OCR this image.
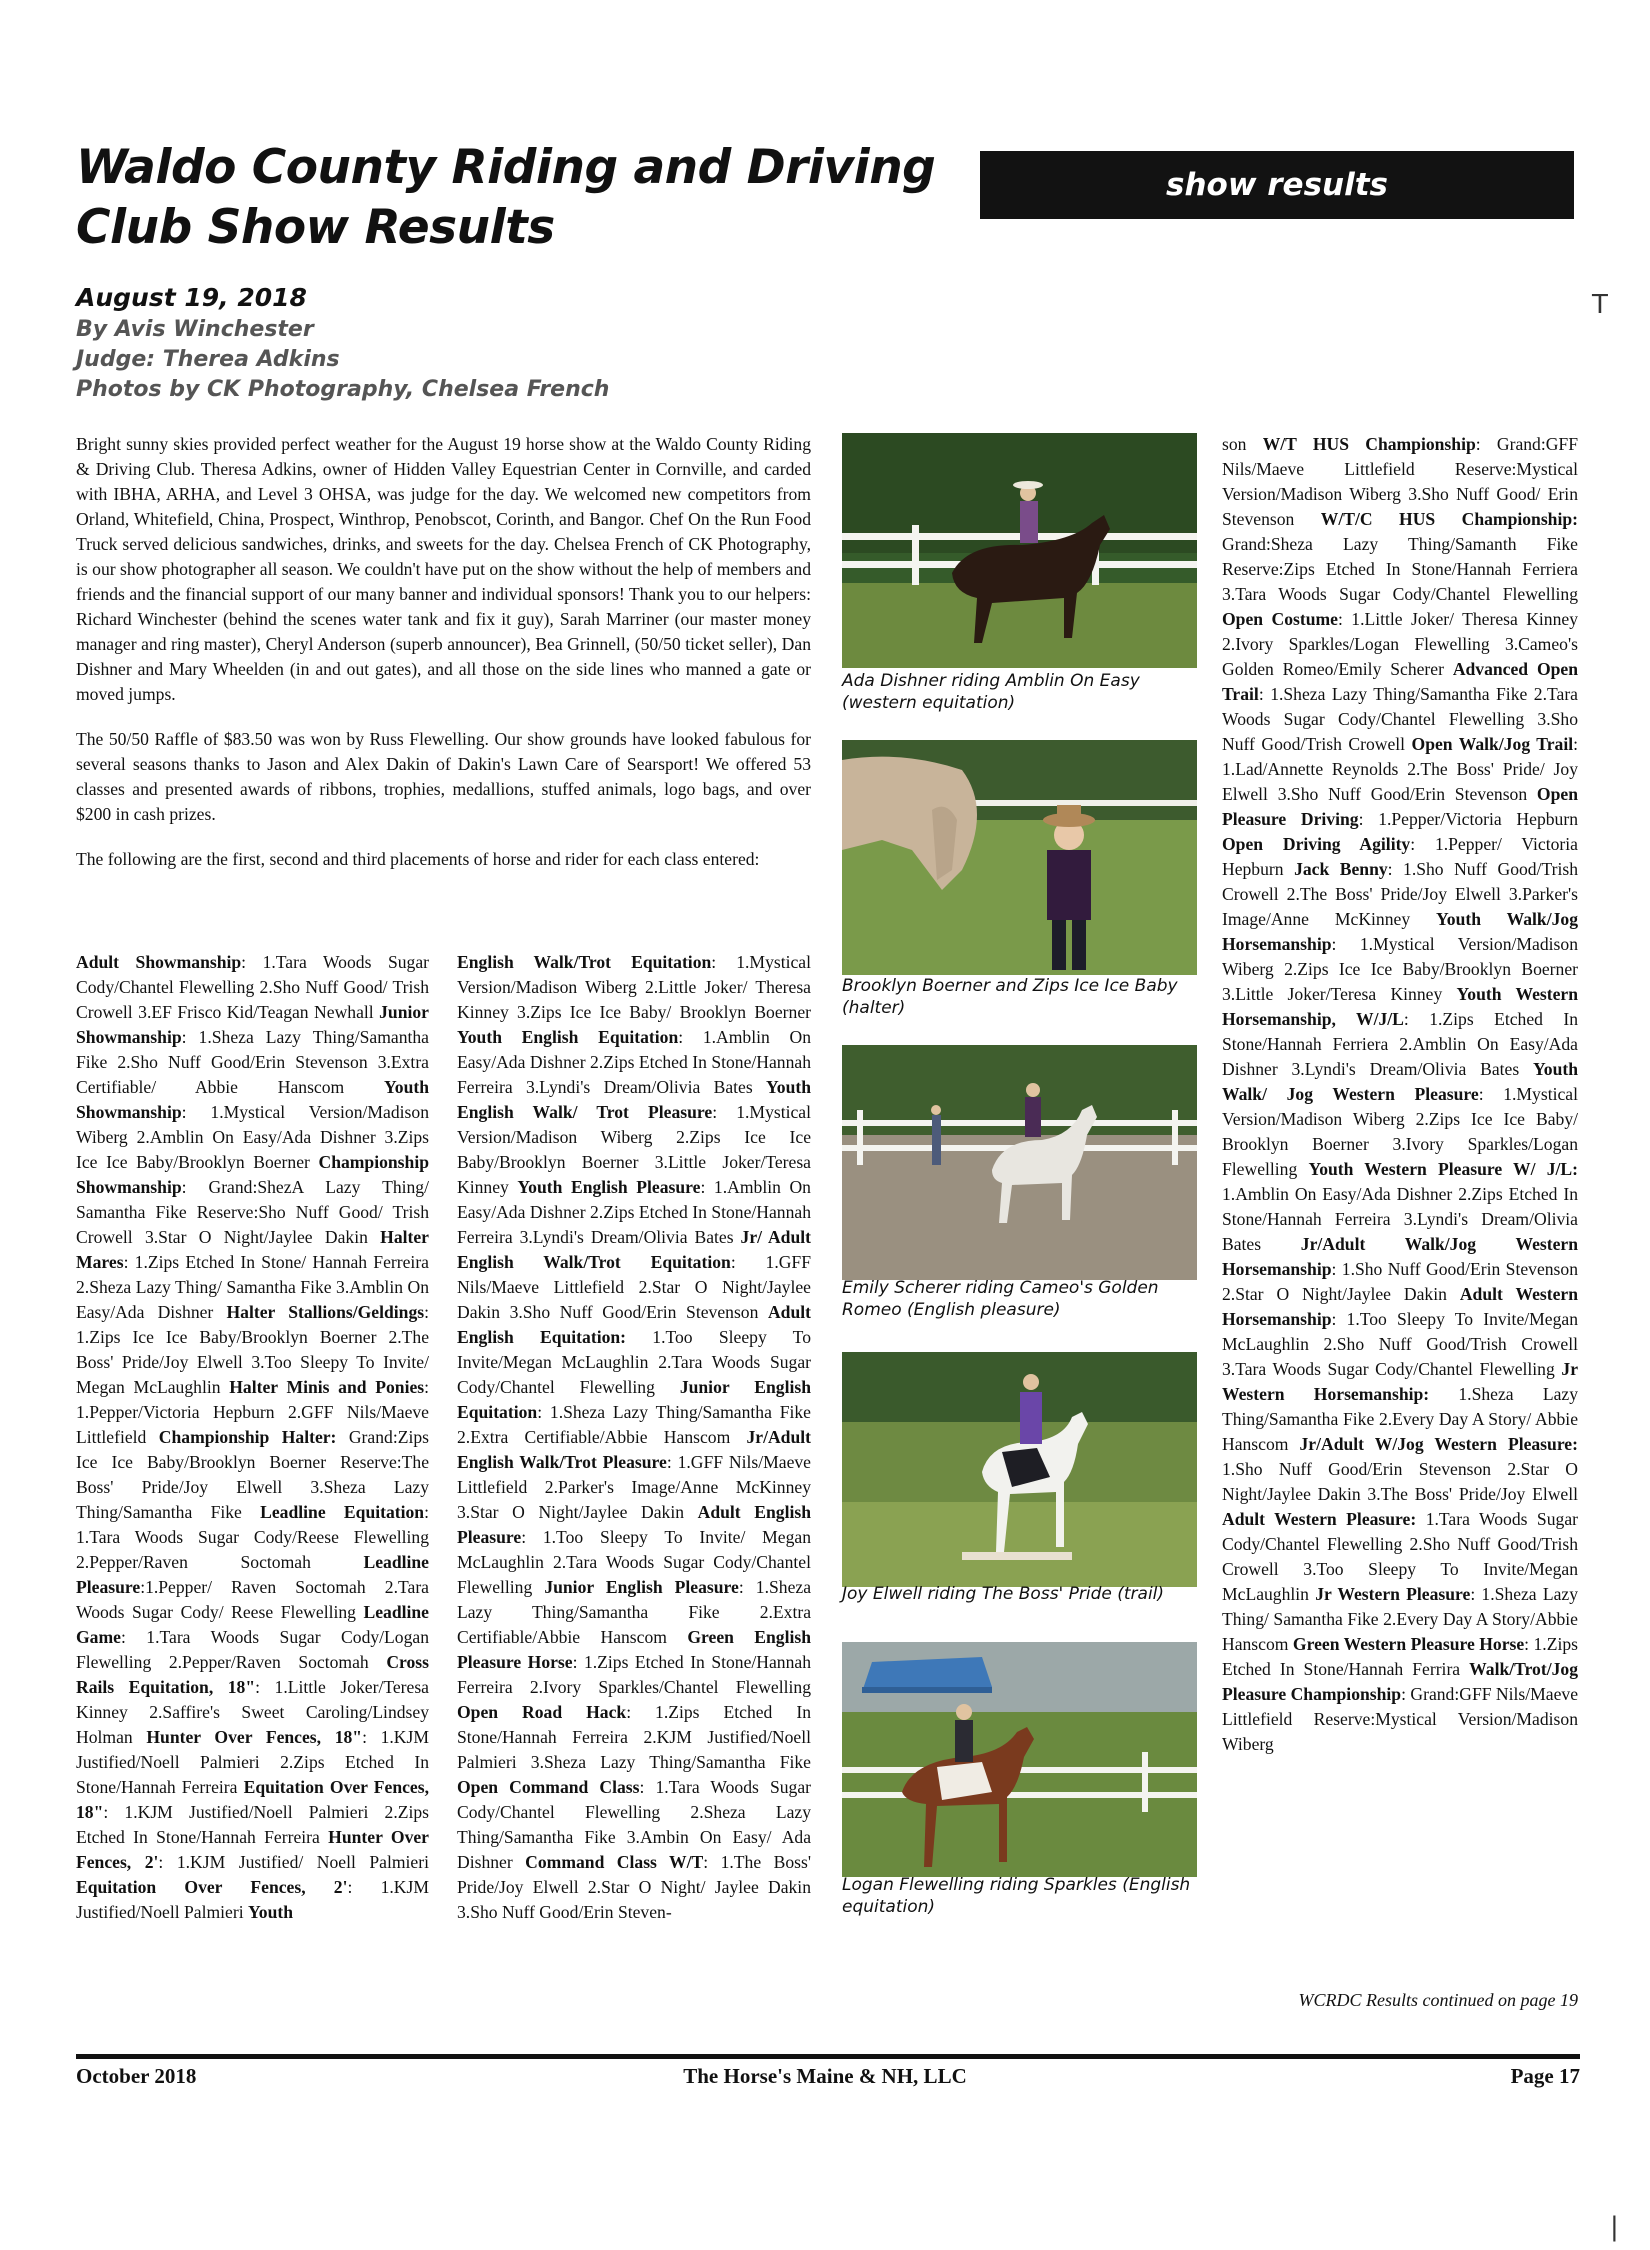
Waldo County Riding and Driving Club Show Results
show results
T
|
August 19, 2018
By Avis Winchester
Judge: Therea Adkins
Photos by CK Photography, Chelsea French

Bright sunny skies provided perfect weather for the August 19 horse show at the Waldo County Riding & Driving Club. Theresa Adkins, owner of Hidden Valley Equestrian Center in Cornville, and carded with IBHA, ARHA, and Level 3 OHSA, was judge for the day. We welcomed new competitors from Orland, Whitefield, China, Prospect, Winthrop, Penobscot, Corinth, and Bangor. Chef On the Run Food Truck served delicious sandwiches, drinks, and sweets for the day. Chelsea French of CK Photography, is our show photographer all season. We couldn't have put on the show without the help of members and friends and the financial support of our many banner and individual sponsors! Thank you to our helpers: Richard Winchester (behind the scenes water tank and fix it guy), Sarah Marriner (our master money manager and ring master), Cheryl Anderson (superb announcer), Bea Grinnell, (50/50 ticket seller), Dan Dishner and Mary Wheelden (in and out gates), and all those on the side lines who manned a gate or moved jumps.

The 50/50 Raffle of $83.50 was won by Russ Flewelling. Our show grounds have looked fabulous for several seasons thanks to Jason and Alex Dakin of Dakin's Lawn Care of Searsport! We offered 53 classes and presented awards of ribbons, trophies, medallions, stuffed animals, logo bags, and over $200 in cash prizes.

The following are the first, second and third placements of horse and rider for each class entered:

Adult Showmanship: 1.Tara Woods Sugar Cody/Chantel Flewelling 2.Sho Nuff Good/ Trish Crowell 3.EF Frisco Kid/Teagan Newhall Junior Showmanship: 1.Sheza Lazy Thing/Samantha Fike 2.Sho Nuff Good/Erin Stevenson 3.Extra Certifiable/ Abbie Hanscom Youth Showmanship: 1.Mystical Version/Madison Wiberg 2.Amblin On Easy/Ada Dishner 3.Zips Ice Ice Baby/Brooklyn Boerner Championship Showmanship: Grand:ShezA Lazy Thing/ Samantha Fike Reserve:Sho Nuff Good/ Trish Crowell 3.Star O Night/Jaylee Dakin Halter Mares: 1.Zips Etched In Stone/ Hannah Ferreira 2.Sheza Lazy Thing/ Samantha Fike 3.Amblin On Easy/Ada Dishner Halter Stallions/Geldings: 1.Zips Ice Ice Baby/Brooklyn Boerner 2.The Boss' Pride/Joy Elwell 3.Too Sleepy To Invite/ Megan McLaughlin Halter Minis and Ponies: 1.Pepper/Victoria Hepburn 2.GFF Nils/Maeve Littlefield Championship Halter: Grand:Zips Ice Ice Baby/Brooklyn Boerner Reserve:The Boss' Pride/Joy Elwell 3.Sheza Lazy Thing/Samantha Fike Leadline Equitation: 1.Tara Woods Sugar Cody/Reese Flewelling 2.Pepper/Raven Soctomah Leadline Pleasure:1.Pepper/ Raven Soctomah 2.Tara Woods Sugar Cody/ Reese Flewelling Leadline Game: 1.Tara Woods Sugar Cody/Logan Flewelling 2.Pepper/Raven Soctomah Cross Rails Equitation, 18": 1.Little Joker/Teresa Kinney 2.Saffire's Sweet Caroling/Lindsey Holman Hunter Over Fences, 18": 1.KJM Justified/Noell Palmieri 2.Zips Etched In Stone/Hannah Ferreira Equitation Over Fences, 18": 1.KJM Justified/Noell Palmieri 2.Zips Etched In Stone/Hannah Ferreira Hunter Over Fences, 2': 1.KJM Justified/ Noell Palmieri Equitation Over Fences, 2': 1.KJM Justified/Noell Palmieri Youth
English Walk/Trot Equitation: 1.Mystical Version/Madison Wiberg 2.Little Joker/ Theresa Kinney 3.Zips Ice Ice Baby/ Brooklyn Boerner Youth English Equitation: 1.Amblin On Easy/Ada Dishner 2.Zips Etched In Stone/Hannah Ferreira 3.Lyndi's Dream/Olivia Bates Youth English Walk/ Trot Pleasure: 1.Mystical Version/Madison Wiberg 2.Zips Ice Ice Baby/Brooklyn Boerner 3.Little Joker/Teresa Kinney Youth English Pleasure: 1.Amblin On Easy/Ada Dishner 2.Zips Etched In Stone/Hannah Ferreira 3.Lyndi's Dream/Olivia Bates Jr/ Adult English Walk/Trot Equitation: 1.GFF Nils/Maeve Littlefield 2.Star O Night/Jaylee Dakin 3.Sho Nuff Good/Erin Stevenson Adult English Equitation: 1.Too Sleepy To Invite/Megan McLaughlin 2.Tara Woods Sugar Cody/Chantel Flewelling Junior English Equitation: 1.Sheza Lazy Thing/Samantha Fike 2.Extra Certifiable/Abbie Hanscom Jr/Adult English Walk/Trot Pleasure: 1.GFF Nils/Maeve Littlefield 2.Parker's Image/Anne McKinney 3.Star O Night/Jaylee Dakin Adult English Pleasure: 1.Too Sleepy To Invite/ Megan McLaughlin 2.Tara Woods Sugar Cody/Chantel Flewelling Junior English Pleasure: 1.Sheza Lazy Thing/Samantha Fike 2.Extra Certifiable/Abbie Hanscom Green English Pleasure Horse: 1.Zips Etched In Stone/Hannah Ferreira 2.Ivory Sparkles/Chantel Flewelling Open Road Hack: 1.Zips Etched In Stone/Hannah Ferreira 2.KJM Justified/Noell Palmieri 3.Sheza Lazy Thing/Samantha Fike Open Command Class: 1.Tara Woods Sugar Cody/Chantel Flewelling 2.Sheza Lazy Thing/Samantha Fike 3.Ambin On Easy/ Ada Dishner Command Class W/T: 1.The Boss' Pride/Joy Elwell 2.Star O Night/ Jaylee Dakin 3.Sho Nuff Good/Erin Steven-
son W/T HUS Championship: Grand:GFF Nils/Maeve Littlefield Reserve:Mystical Version/Madison Wiberg 3.Sho Nuff Good/ Erin Stevenson W/T/C HUS Championship: Grand:Sheza Lazy Thing/Samanth Fike Reserve:Zips Etched In Stone/Hannah Ferriera 3.Tara Woods Sugar Cody/Chantel Flewelling Open Costume: 1.Little Joker/ Theresa Kinney 2.Ivory Sparkles/Logan Flewelling 3.Cameo's Golden Romeo/Emily Scherer Advanced Open Trail: 1.Sheza Lazy Thing/Samantha Fike 2.Tara Woods Sugar Cody/Chantel Flewelling 3.Sho Nuff Good/Trish Crowell Open Walk/Jog Trail: 1.Lad/Annette Reynolds 2.The Boss' Pride/ Joy Elwell 3.Sho Nuff Good/Erin Stevenson Open Pleasure Driving: 1.Pepper/Victoria Hepburn Open Driving Agility: 1.Pepper/ Victoria Hepburn Jack Benny: 1.Sho Nuff Good/Trish Crowell 2.The Boss' Pride/Joy Elwell 3.Parker's Image/Anne McKinney Youth Walk/Jog Horsemanship: 1.Mystical Version/Madison Wiberg 2.Zips Ice Ice Baby/Brooklyn Boerner 3.Little Joker/Teresa Kinney Youth Western Horsemanship, W/J/L: 1.Zips Etched In Stone/Hannah Ferriera 2.Amblin On Easy/Ada Dishner 3.Lyndi's Dream/Olivia Bates Youth Walk/ Jog Western Pleasure: 1.Mystical Version/Madison Wiberg 2.Zips Ice Ice Baby/ Brooklyn Boerner 3.Ivory Sparkles/Logan Flewelling Youth Western Pleasure W/ J/L: 1.Amblin On Easy/Ada Dishner 2.Zips Etched In Stone/Hannah Ferreira 3.Lyndi's Dream/Olivia Bates Jr/Adult Walk/Jog Western Horsemanship: 1.Sho Nuff Good/Erin Stevenson 2.Star O Night/Jaylee Dakin Adult Western Horsemanship: 1.Too Sleepy To Invite/Megan McLaughlin 2.Sho Nuff Good/Trish Crowell 3.Tara Woods Sugar Cody/Chantel Flewelling Jr Western Horsemanship: 1.Sheza Lazy Thing/Samantha Fike 2.Every Day A Story/ Abbie Hanscom Jr/Adult W/Jog Western Pleasure: 1.Sho Nuff Good/Erin Stevenson 2.Star O Night/Jaylee Dakin 3.The Boss' Pride/Joy Elwell Adult Western Pleasure: 1.Tara Woods Sugar Cody/Chantel Flewelling 2.Sho Nuff Good/Trish Crowell 3.Too Sleepy To Invite/Megan McLaughlin Jr Western Pleasure: 1.Sheza Lazy Thing/ Samantha Fike 2.Every Day A Story/Abbie Hanscom Green Western Pleasure Horse: 1.Zips Etched In Stone/Hannah Ferrira Walk/Trot/Jog Pleasure Championship: Grand:GFF Nils/Maeve Littlefield Reserve:Mystical Version/Madison Wiberg
Ada Dishner riding Amblin On Easy (western equitation)
Brooklyn Boerner and Zips Ice Ice Baby (halter)
Emily Scherer riding Cameo's Golden Romeo (English pleasure)
Joy Elwell riding The Boss' Pride (trail)
Logan Flewelling riding Sparkles (English equitation)
WCRDC Results continued on page 19
October 2018	The Horse's Maine & NH, LLC	Page 17
